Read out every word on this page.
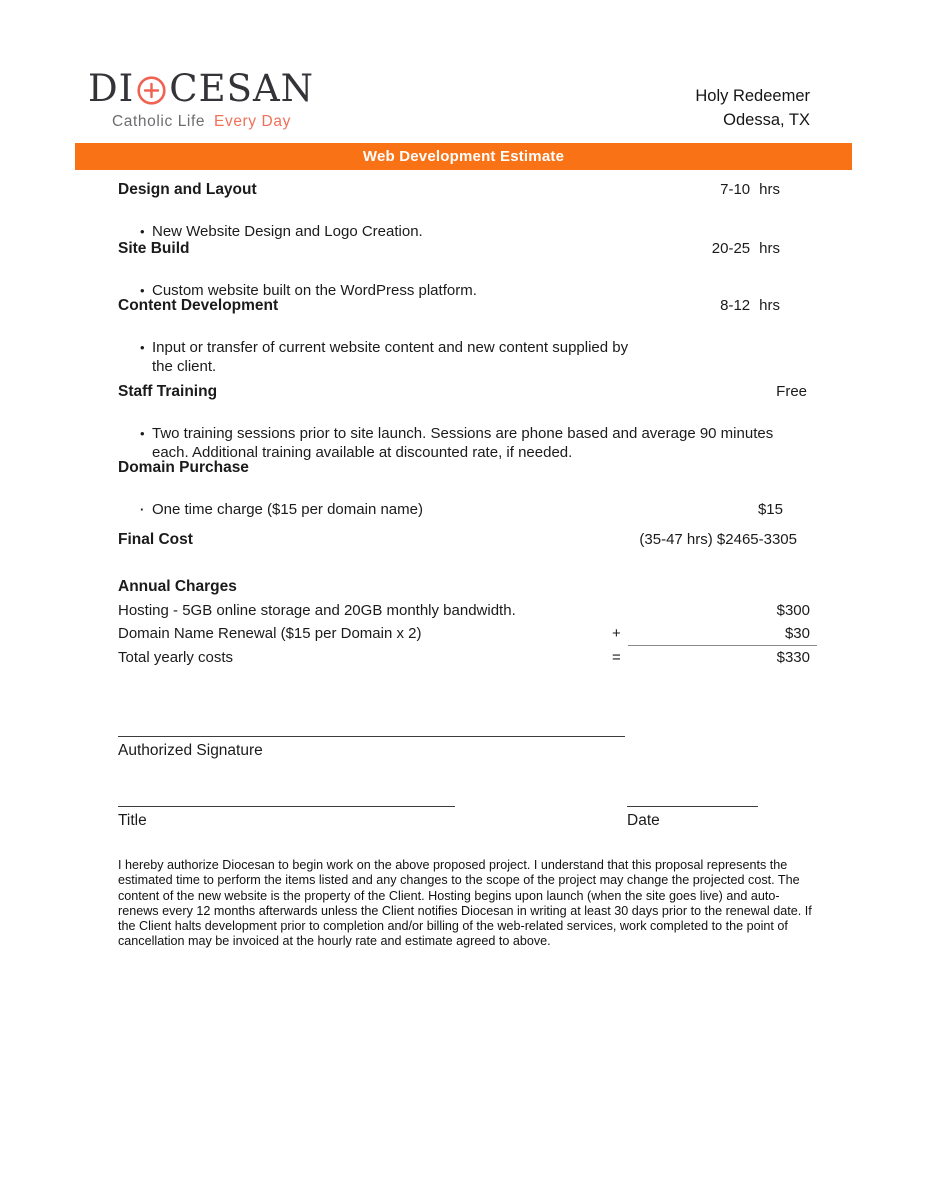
DI CESAN
Catholic Life Every Day
Holy Redeemer
Odessa, TX
Web Development Estimate
Design and Layout	7-10 hrs
• New Website Design and Logo Creation.
Site Build	20-25 hrs
• Custom website built on the WordPress platform.
Content Development	8-12 hrs
• Input or transfer of current website content and new content supplied by the client.
Staff Training	Free
• Two training sessions prior to site launch. Sessions are phone based and average 90 minutes each. Additional training available at discounted rate, if needed.
Domain Purchase
· One time charge ($15 per domain name)	$15
Final Cost	(35-47 hrs) $2465-3305
Annual Charges
Hosting - 5GB online storage and 20GB monthly bandwidth.	$300
Domain Name Renewal ($15 per Domain x 2)	+	$30
Total yearly costs	=	$330
Authorized Signature
Title	Date

I hereby authorize Diocesan to begin work on the above proposed project. I understand that this proposal represents the estimated time to perform the items listed and any changes to the scope of the project may change the projected cost. The content of the new website is the property of the Client. Hosting begins upon launch (when the site goes live) and auto-renews every 12 months afterwards unless the Client notifies Diocesan in writing at least 30 days prior to the renewal date. If the Client halts development prior to completion and/or billing of the web-related services, work completed to the point of cancellation may be invoiced at the hourly rate and estimate agreed to above.
